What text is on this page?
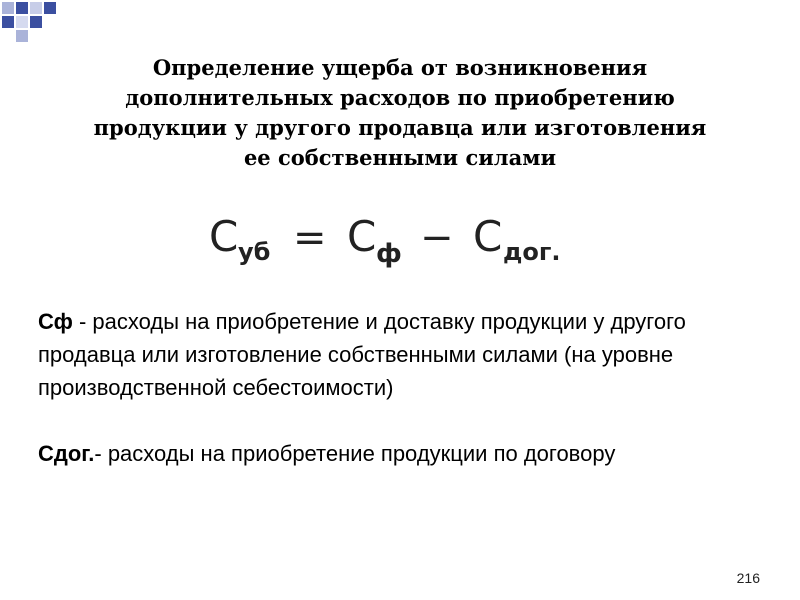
Определение ущерба от возникновения
дополнительных расходов по приобретению
продукции у другого продавца или изготовления
ее собственными силами
С уб = С ф − С дог.

Сф - расходы на приобретение и доставку продукции у другого продавца или изготовление собственными силами (на уровне производственной себестоимости)

Сдог.- расходы на приобретение продукции по договору

216
